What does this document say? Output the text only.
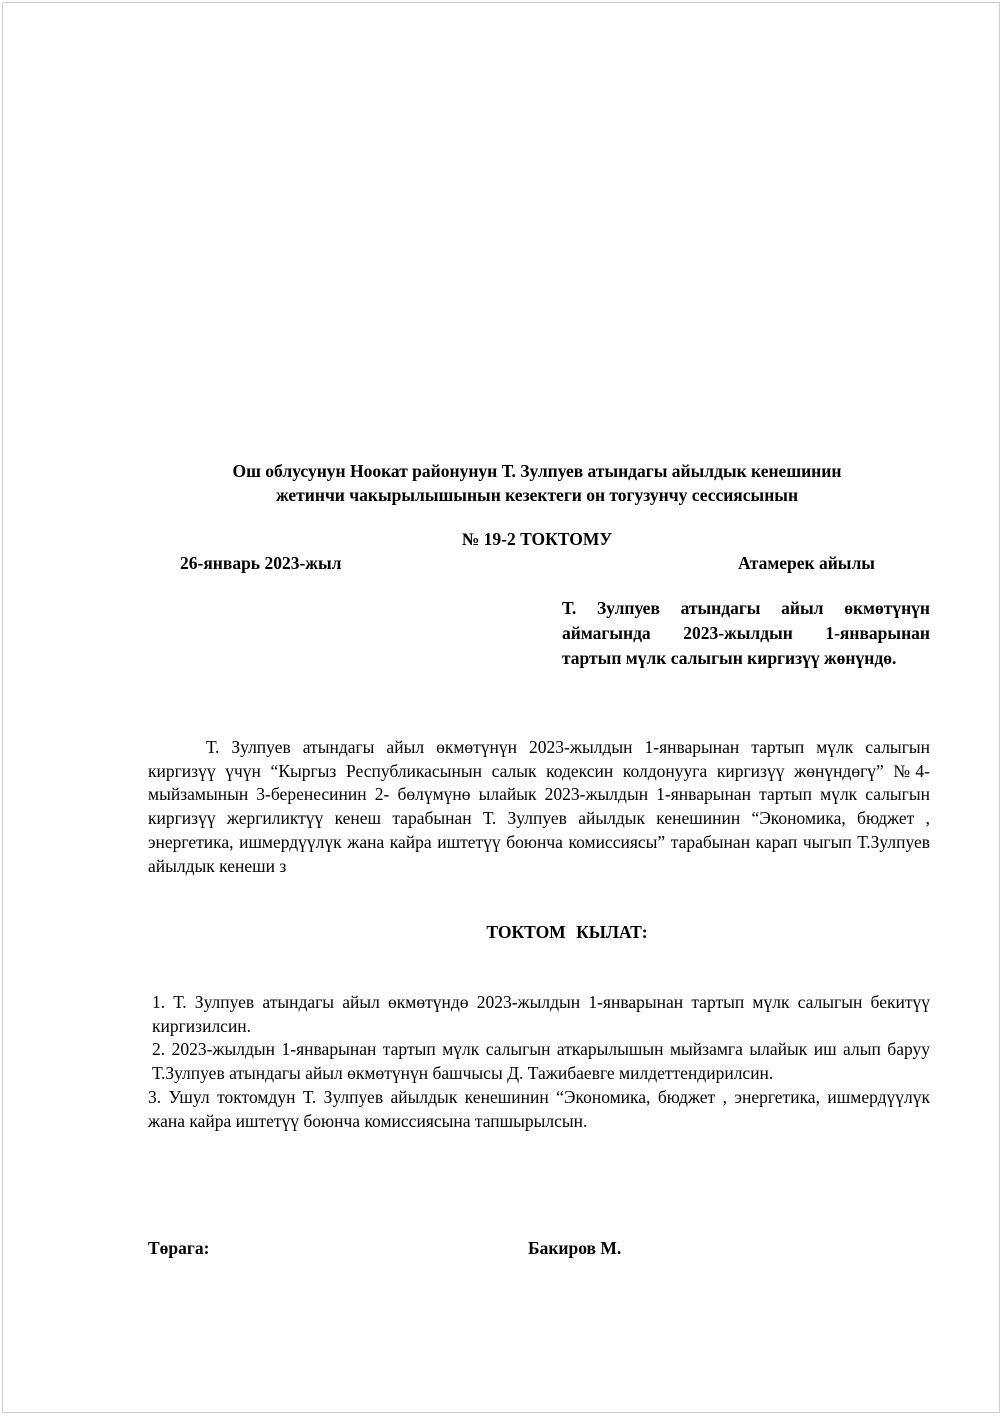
Ош облусунун Ноокат районунун Т. Зулпуев атындагы айылдык кенешинин
жетинчи чакырылышынын кезектеги он тогузунчу сессиясынын
№ 19-2 ТОКТОМУ
26-январь 2023-жыл	Атамерек айылы
Т. Зулпуев атындагы айыл өкмөтүнүн аймагында 2023-жылдын 1-январынан тартып мүлк салыгын киргизүү жөнүндө.
Т. Зулпуев атындагы айыл өкмөтүнүн 2023-жылдын 1-январынан тартып мүлк салыгын киргизүү үчүн “Кыргыз Республикасынын салык кодексин колдонууга киргизүү жөнүндөгү” №4-мыйзамынын 3-беренесинин 2- бөлүмүнө ылайык 2023-жылдын 1-январынан тартып мүлк салыгын киргизүү жергиликтүү кенеш тарабынан Т. Зулпуев айылдык кенешинин “Экономика, бюджет , энергетика, ишмердүүлүк жана кайра иштетүү боюнча комиссиясы” тарабынан карап чыгып Т.Зулпуев айылдык кенеши з
ТОКТОМ КЫЛАТ:

1. Т. Зулпуев атындагы айыл өкмөтүндө 2023-жылдын 1-январынан тартып мүлк салыгын бекитүү киргизилсин.

2. 2023-жылдын 1-январынан тартып мүлк салыгын аткарылышын мыйзамга ылайык иш алып баруу Т.Зулпуев атындагы айыл өкмөтүнүн башчысы Д. Тажибаевге милдеттендирилсин.

3. Ушул токтомдун Т. Зулпуев айылдык кенешинин “Экономика, бюджет , энергетика, ишмердүүлүк жана кайра иштетүү боюнча комиссиясына тапшырылсын.

Төрага:	Бакиров М.
